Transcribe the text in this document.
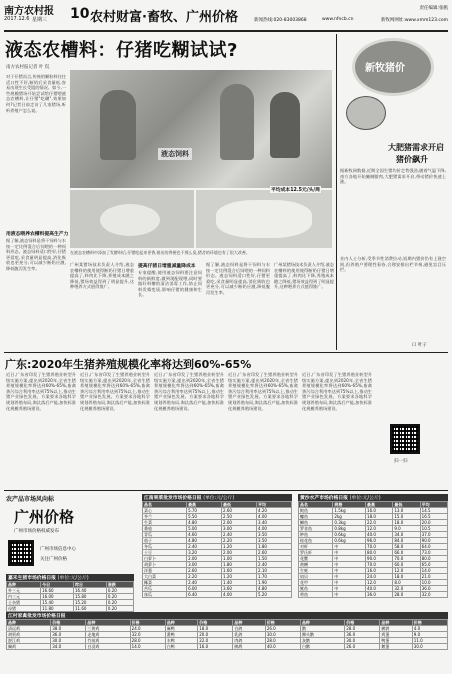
南方农村报
2017.12.6 星期三 10 农村财富·畜牧、广州价格
责任编辑:张帆
新闻热线:020-83003868	www.nfncb.cn	新牧网网址:www.xmm123.com
液态农槽料：仔猪吃糊试试?
南方农村报记者 叶 侃
对于仔猪而言,传统的颗粒料往往适口性不好,断奶后采食量低,容易出现生长受阻的情况。如今,一些规模猪场开始尝试给仔猪喂液态农槽料,让仔猪"吃糊",效果如何?记者日前走访了几家猪场,听听养殖户怎么说。
液态饲料
在液态农槽料中添加了发酵料后,仔猪吃起来更香,排出的粪便也不那么臭,猪舍的环境也有了很大改善。
用液态喂养农槽料提高生产力
据了解,液态饲料是将干饲料与水按一定比例混合后饲喂的一种饲料形态。液态饲料适口性好,仔猪更爱吃,采食量明显提高,消化吸收也更充分,可以减少断奶应激,降低腹泻发生率。
广州某猪场技术负责人介绍,液态农槽料的使用使得断奶仔猪日增重提高了,料肉比下降,养殖成本随之降低,猪场效益得到了明显提升,这种喂养方式值得推广。
提高仔猪日增重减量降成本
专家提醒,使用液态饲料要注意饲料的新鲜度,做到现配现喂,同时要做好料槽的清洁消毒工作,防止饲料发霉变质,影响仔猪的健康和生长。
据了解,液态饲料是将干饲料与水按一定比例混合后饲喂的一种饲料形态。液态饲料适口性好,仔猪更爱吃,采食量明显提高,消化吸收也更充分,可以减少断奶应激,降低腹泻发生率。
广州某猪场技术负责人介绍,液态农槽料的使用使得断奶仔猪日增重提高了,料肉比下降,养殖成本随之降低,猪场效益得到了明显提升,这种喂养方式值得推广。
平均成本12.5元/头/周
新牧猪价
大肥猪需求开启
猪价飙升
据新牧网数据,近期全国生猪均价走势强劲,随着气温下降,南方各地开始腌制腊肉,大肥猪需求开启,带动猪价快速上涨。
业内人士分析,受季节性消费拉动,短期内猪价仍有上涨空间,但养殖户要理性看待,合理安排出栏节奏,避免盲目压栏。
口 叶子
广东:2020年生猪养殖规模化率将达到60%-65%
近日,广东省印发了生猪养殖业转型升级实施方案,提出到2020年,全省生猪养殖规模化率将达到60%-65%,畜禽粪污综合利用率达到75%以上,推动生猪产业绿色发展。方案要求各地科学规划养殖布局,淘汰落后产能,加快标准化规模养殖场建设。
近日,广东省印发了生猪养殖业转型升级实施方案,提出到2020年,全省生猪养殖规模化率将达到60%-65%,畜禽粪污综合利用率达到75%以上,推动生猪产业绿色发展。方案要求各地科学规划养殖布局,淘汰落后产能,加快标准化规模养殖场建设。
近日,广东省印发了生猪养殖业转型升级实施方案,提出到2020年,全省生猪养殖规模化率将达到60%-65%,畜禽粪污综合利用率达到75%以上,推动生猪产业绿色发展。方案要求各地科学规划养殖布局,淘汰落后产能,加快标准化规模养殖场建设。
近日,广东省印发了生猪养殖业转型升级实施方案,提出到2020年,全省生猪养殖规模化率将达到60%-65%,畜禽粪污综合利用率达到75%以上,推动生猪产业绿色发展。方案要求各地科学规划养殖布局,淘汰落后产能,加快标准化规模养殖场建设。
近日,广东省印发了生猪养殖业转型升级实施方案,提出到2020年,全省生猪养殖规模化率将达到60%-65%,畜禽粪污综合利用率达到75%以上,推动生猪产业绿色发展。方案要求各地科学规划养殖布局,淘汰落后产能,加快标准化规模养殖场建设。
扫一扫
农产品市场风向标
广州价格
广州市场价格权威发布
广州市场信息中心
关注广州价格
嘉禾生猪市场价格日报 (单位:元/公斤)
品种	今日	昨日	涨跌
外三元	16.60	16.40	0.20
内三元	16.00	15.80	0.20
土杂猪	15.40	15.20	0.20
母猪	11.80	11.60	0.20
江南果菜批发市场价格日报 (单位:元/公斤)
品名	最高	最低	平均
菜心	5.70	2.60	4.20
芥兰	5.50	2.50	4.00
生菜	4.80	2.00	3.40
番茄	5.00	3.00	4.00
青瓜	4.60	2.40	3.50
茄子	4.80	2.20	3.50
冬瓜	2.40	1.20	1.80
土豆	3.20	2.00	2.60
白萝卜	2.00	1.00	1.50
胡萝卜	3.00	1.80	2.40
洋葱	2.60	1.60	2.10
大白菜	2.20	1.20	1.70
椰菜	2.40	1.40	1.90
苦瓜	6.00	3.60	4.80
丝瓜	6.40	4.00	5.20
黄沙水产市场价格日报 (单位:元/公斤)
品名	规格	最高	最低	平均
鲩鱼	1.5kg	16.0	13.0	14.5
鳙鱼	2kg	18.0	15.0	16.5
鲫鱼	0.3kg	22.0	18.0	20.0
罗非鱼	0.8kg	12.0	9.0	10.5
鲈鱼	0.6kg	40.0	34.0	37.0
桂花鱼	0.6kg	96.0	84.0	90.0
对虾	中	70.0	58.0	64.0
罗氏虾	中	80.0	66.0	73.0
花蟹	中	90.0	70.0	80.0
黄鳝	中	70.0	60.0	65.0
生蚝	中	16.0	12.0	14.0
扇贝	中	24.0	18.0	21.0
花甲	中	12.0	8.0	10.0
鱿鱼	中	40.0	32.0	36.0
带鱼	中	36.0	28.0	32.0
江村家禽批发市场价格日报
品种	价格	品种	价格	品种	价格	品种	价格	品种	价格	品种	价格
清远鸡	38.0	三黄鸡	24.0	麻鸭	18.0	白鸽	26.0	鹅	28.0	鹌鹑	4.0
胡须鸡	36.0	走地鸡	32.0	番鸭	20.0	乳鸽	30.0	狮头鹅	36.0	鸡蛋	9.0
湛江鸡	30.0	竹丝鸡	28.0	水鸭	22.0	肉鸽	28.0	灰鹅	30.0	鸭蛋	11.0
阉鸡	34.0	白羽鸡	14.0	白鸭	16.0	鹧鸪	40.0	白鹅	26.0	鹅蛋	30.0
